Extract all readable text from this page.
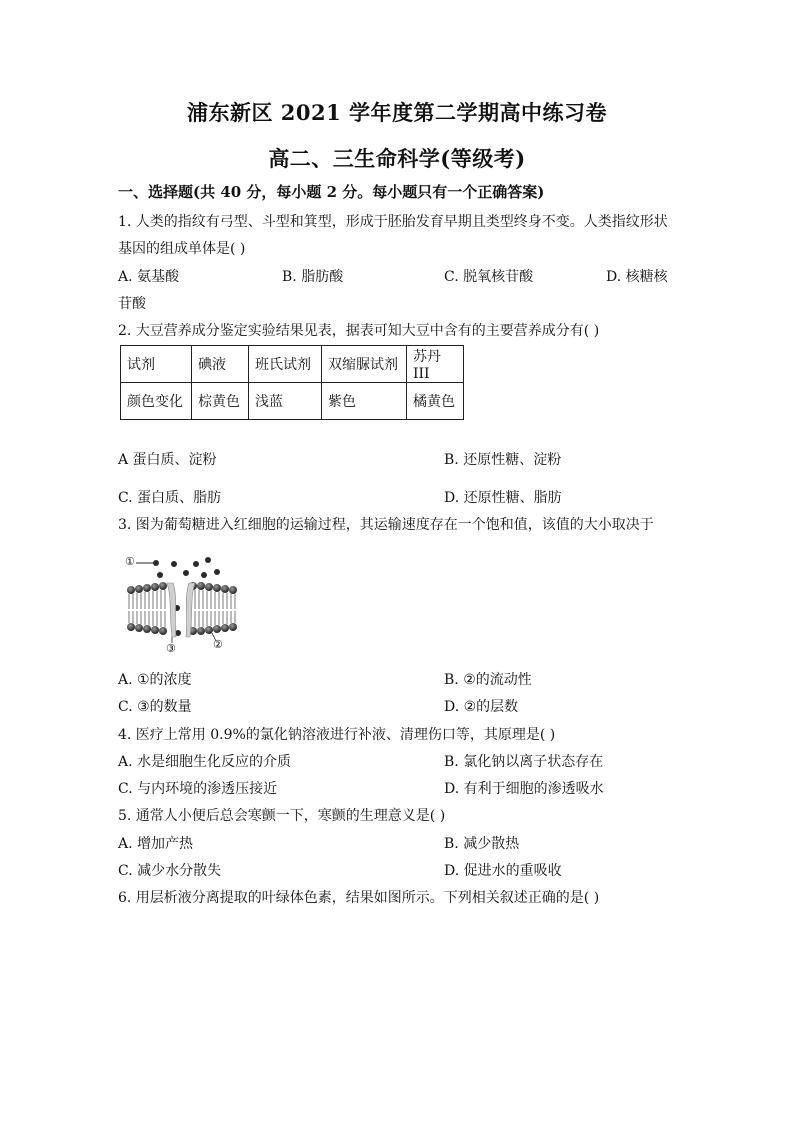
浦东新区 2021 学年度第二学期高中练习卷
高二、三生命科学(等级考)
一、选择题(共 40 分，每小题 2 分。每小题只有一个正确答案)
1. 人类的指纹有弓型、斗型和箕型，形成于胚胎发育早期且类型终身不变。人类指纹形状
基因的组成单体是( )
A. 氨基酸	B. 脂肪酸	C. 脱氧核苷酸	D. 核糖核
苷酸
2. 大豆营养成分鉴定实验结果见表，据表可知大豆中含有的主要营养成分有( )
试剂	碘液	班氏试剂	双缩脲试剂	苏丹III
颜色变化	棕黄色	浅蓝	紫色	橘黄色
A 蛋白质、淀粉	B. 还原性糖、淀粉
C. 蛋白质、脂肪	D. 还原性糖、脂肪
3. 图为葡萄糖进入红细胞的运输过程，其运输速度存在一个饱和值，该值的大小取决于
①
②
③
A. ①的浓度	B. ②的流动性
C. ③的数量	D. ②的层数
4. 医疗上常用 0.9%的氯化钠溶液进行补液、清理伤口等，其原理是( )
A. 水是细胞生化反应的介质	B. 氯化钠以离子状态存在
C. 与内环境的渗透压接近	D. 有利于细胞的渗透吸水
5. 通常人小便后总会寒颤一下，寒颤的生理意义是( )
A. 增加产热	B. 减少散热
C. 减少水分散失	D. 促进水的重吸收
6. 用层析液分离提取的叶绿体色素，结果如图所示。下列相关叙述正确的是( )
